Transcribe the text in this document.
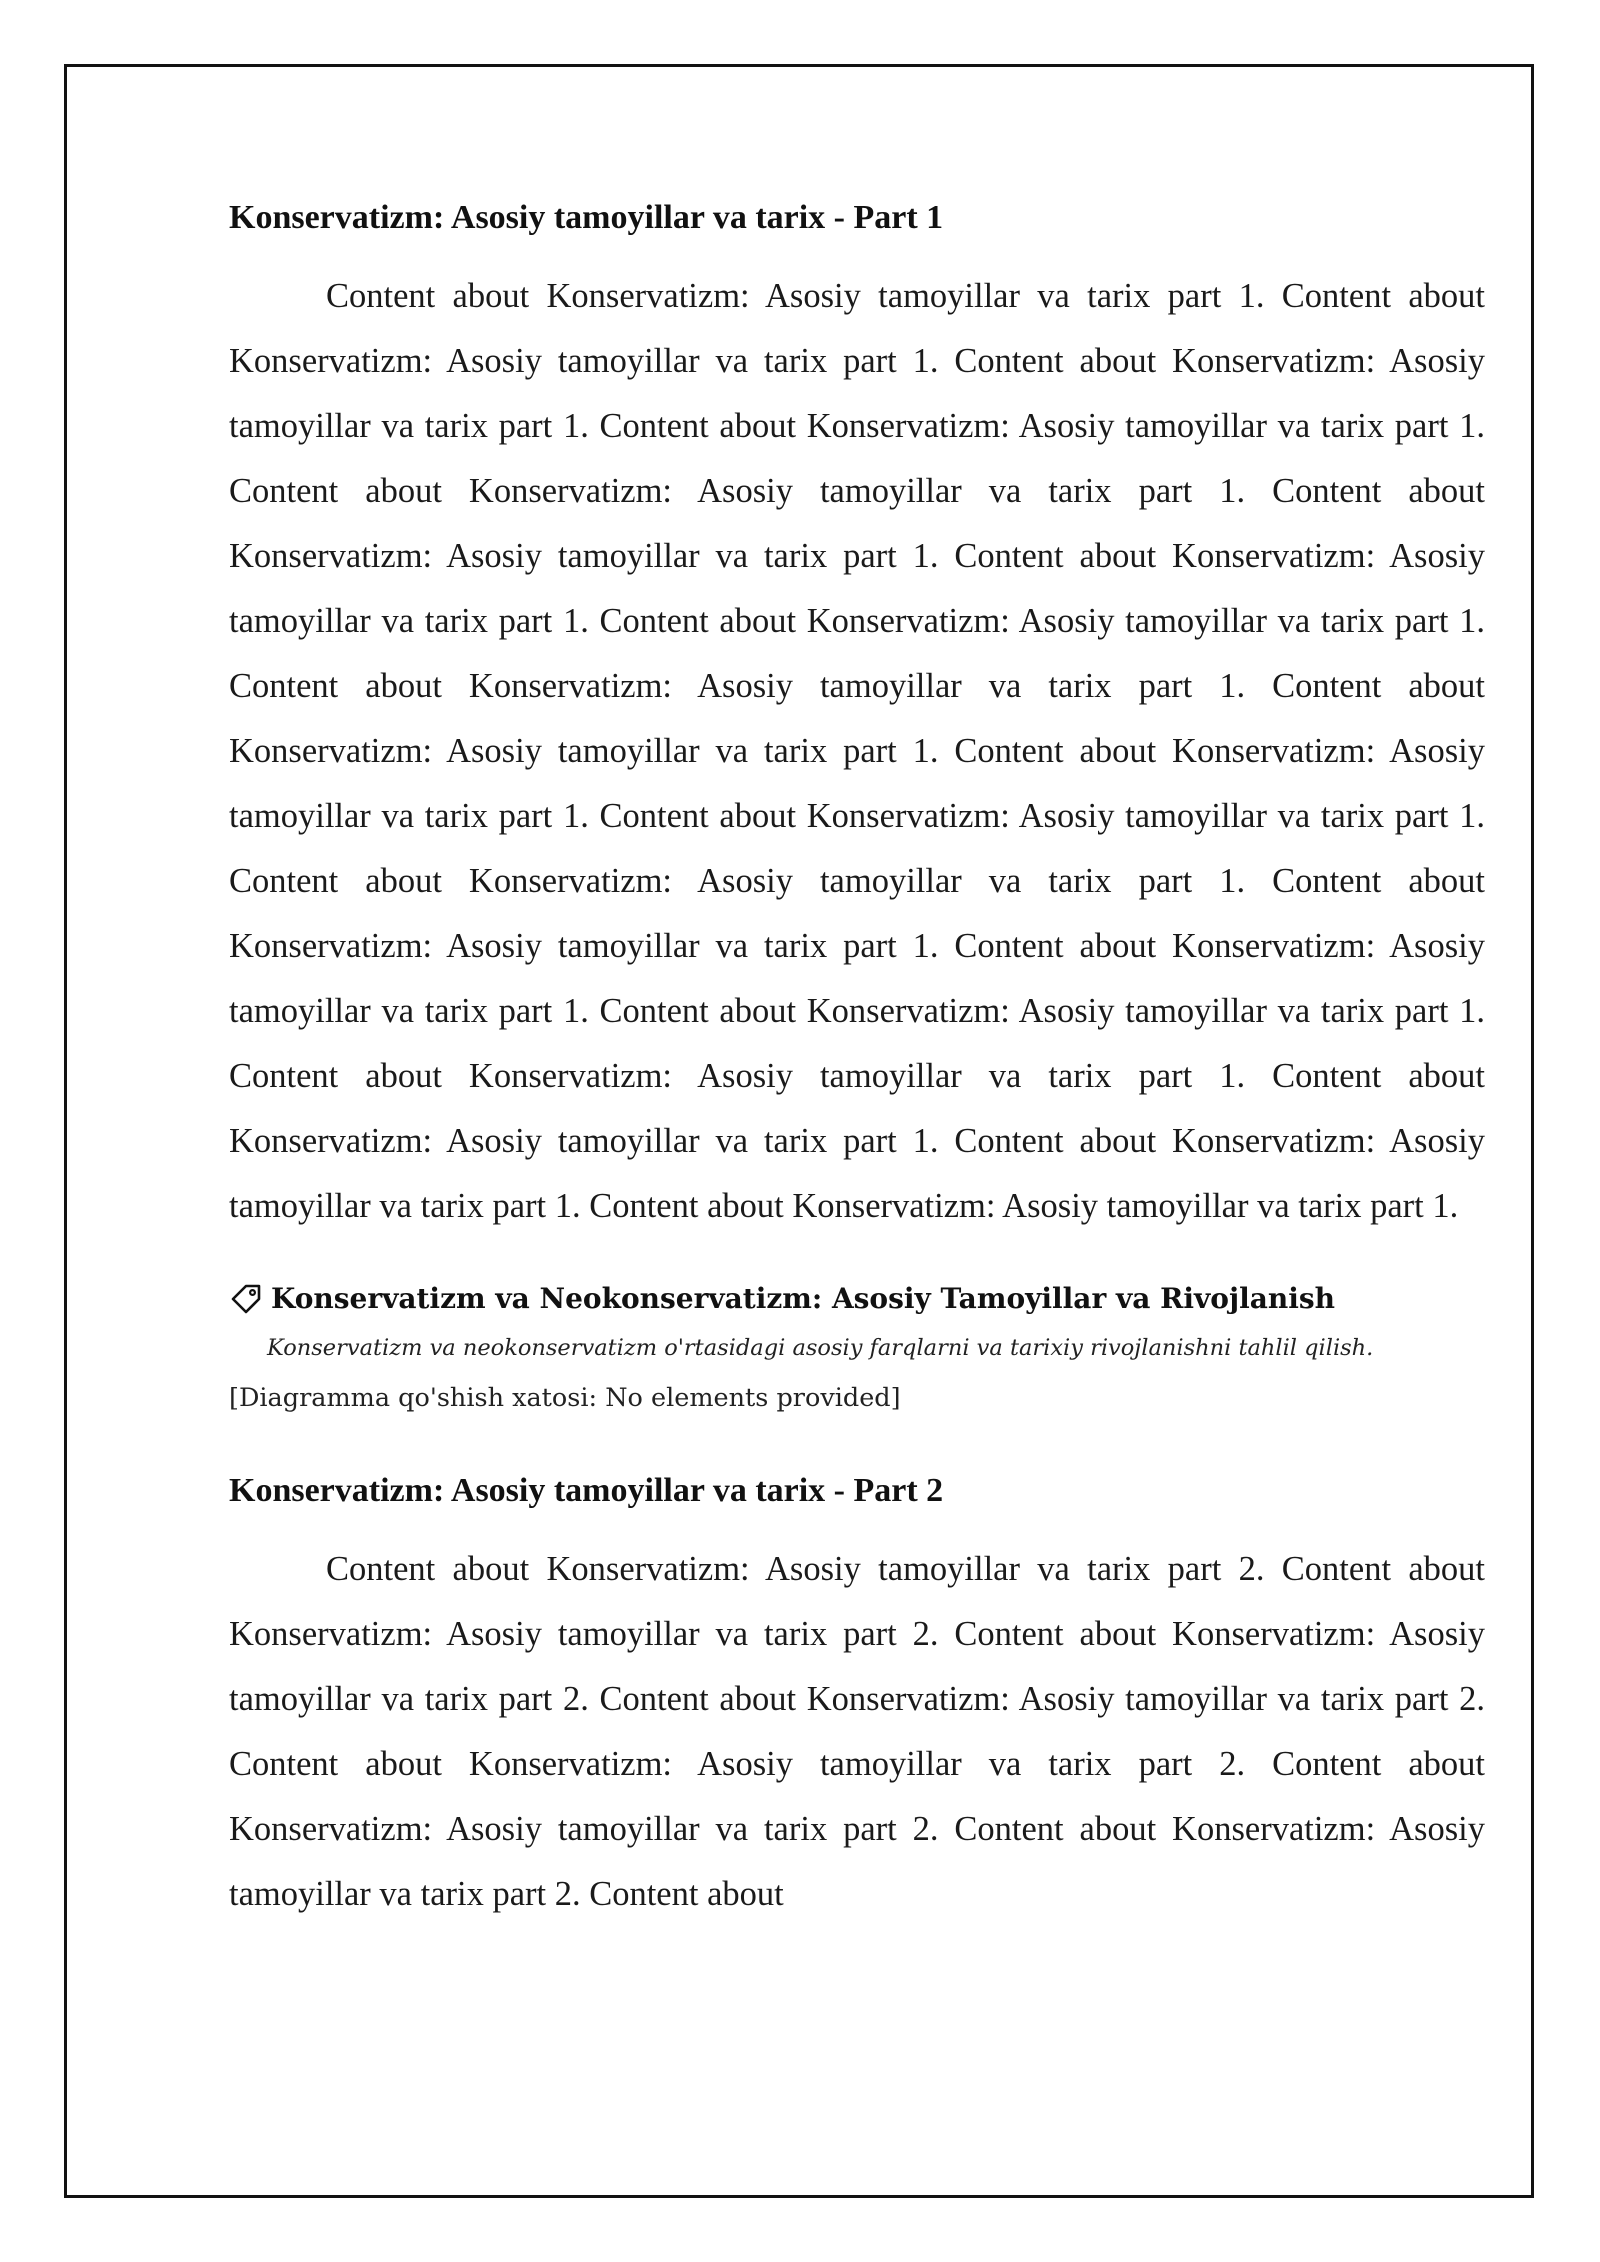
Konservatizm: Asosiy tamoyillar va tarix - Part 1

Content about Konservatizm: Asosiy tamoyillar va tarix part 1. Content about Konservatizm: Asosiy tamoyillar va tarix part 1. Content about Konservatizm: Asosiy tamoyillar va tarix part 1. Content about Konservatizm: Asosiy tamoyillar va tarix part 1. Content about Konservatizm: Asosiy tamoyillar va tarix part 1. Content about Konservatizm: Asosiy tamoyillar va tarix part 1. Content about Konservatizm: Asosiy tamoyillar va tarix part 1. Content about Konservatizm: Asosiy tamoyillar va tarix part 1. Content about Konservatizm: Asosiy tamoyillar va tarix part 1. Content about Konservatizm: Asosiy tamoyillar va tarix part 1. Content about Konservatizm: Asosiy tamoyillar va tarix part 1. Content about Konservatizm: Asosiy tamoyillar va tarix part 1. Content about Konservatizm: Asosiy tamoyillar va tarix part 1. Content about Konservatizm: Asosiy tamoyillar va tarix part 1. Content about Konservatizm: Asosiy tamoyillar va tarix part 1. Content about Konservatizm: Asosiy tamoyillar va tarix part 1. Content about Konservatizm: Asosiy tamoyillar va tarix part 1. Content about Konservatizm: Asosiy tamoyillar va tarix part 1. Content about Konservatizm: Asosiy tamoyillar va tarix part 1. Content about Konservatizm: Asosiy tamoyillar va tarix part 1.

Konservatizm va Neokonservatizm: Asosiy Tamoyillar va Rivojlanish
Konservatizm va neokonservatizm o'rtasidagi asosiy farqlarni va tarixiy rivojlanishni tahlil qilish.
[Diagramma qo'shish xatosi: No elements provided]
Konservatizm: Asosiy tamoyillar va tarix - Part 2

Content about Konservatizm: Asosiy tamoyillar va tarix part 2. Content about Konservatizm: Asosiy tamoyillar va tarix part 2. Content about Konservatizm: Asosiy tamoyillar va tarix part 2. Content about Konservatizm: Asosiy tamoyillar va tarix part 2. Content about Konservatizm: Asosiy tamoyillar va tarix part 2. Content about Konservatizm: Asosiy tamoyillar va tarix part 2. Content about Konservatizm: Asosiy tamoyillar va tarix part 2. Content about
